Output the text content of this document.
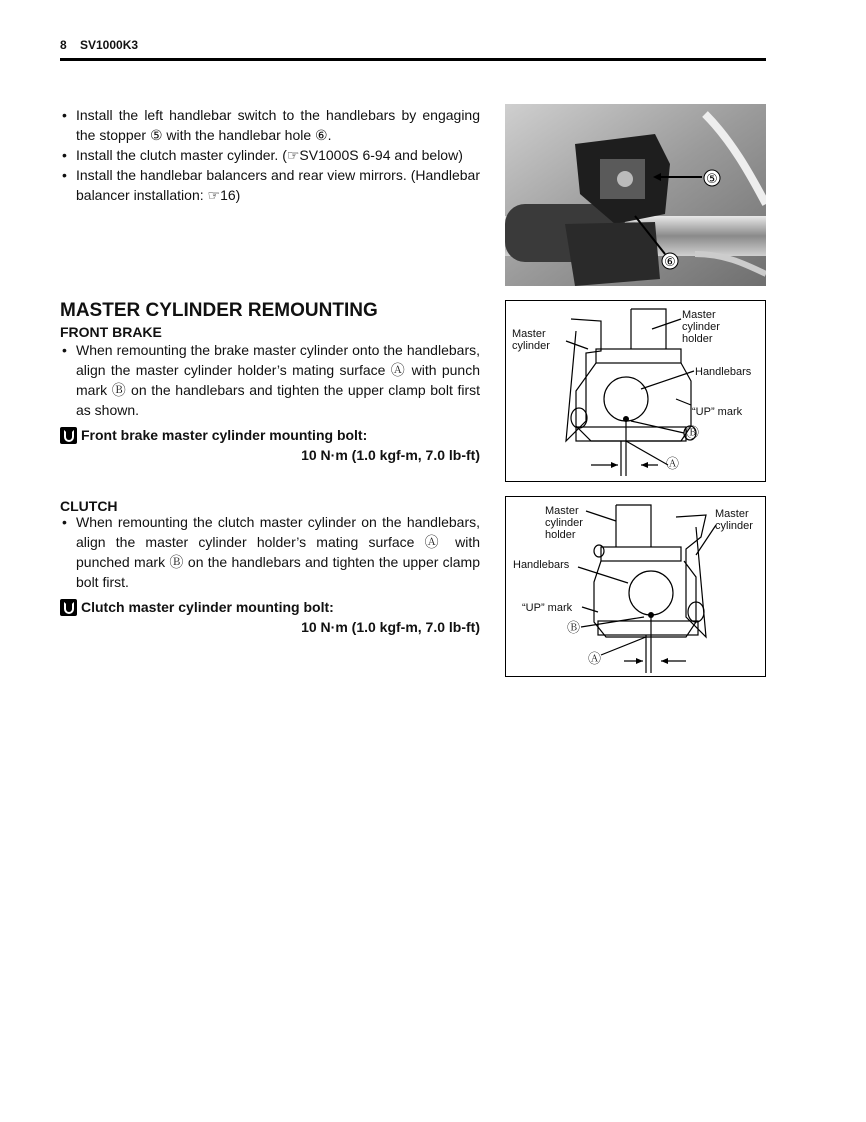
8 SV1000K3
• Install the left handlebar switch to the handlebars by engaging the stopper ⑤ with the handlebar hole ⑥.
• Install the clutch master cylinder. (☞SV1000S 6-94 and below)
• Install the handlebar balancers and rear view mirrors. (Handlebar balancer installation: ☞16)
⑤
⑥
MASTER CYLINDER REMOUNTING
FRONT BRAKE
• When remounting the brake master cylinder onto the handlebars, align the master cylinder holder’s mating surface Ⓐ with punch mark Ⓑ on the handlebars and tighten the upper clamp bolt first as shown.
Front brake master cylinder mounting bolt:
10 N·m (1.0 kgf-m, 7.0 lb-ft)
Master cylinder
Master cylinder holder
Handlebars
“UP” mark
Ⓑ
Ⓐ
CLUTCH
• When remounting the clutch master cylinder on the handlebars, align the master cylinder holder’s mating surface Ⓐ with punched mark Ⓑ on the handlebars and tighten the upper clamp bolt first.
Clutch master cylinder mounting bolt:
10 N·m (1.0 kgf-m, 7.0 lb-ft)
Master cylinder holder
Master cylinder
Handlebars
“UP” mark
Ⓑ
Ⓐ
